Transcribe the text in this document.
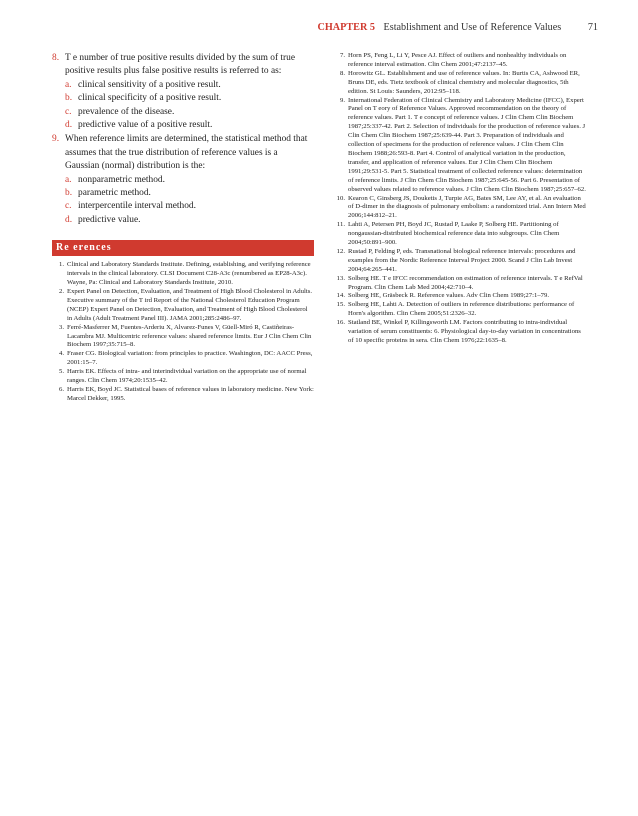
CHAPTER 5 Establishment and Use of Reference Values	71
8. T e number of true positive results divided by the sum of true positive results plus false positive results is referred to as:
a. clinical sensitivity of a positive result.
b. clinical specificity of a positive result.
c. prevalence of the disease.
d. predictive value of a positive result.
9. When reference limits are determined, the statistical method that assumes that the true distribution of reference values is a Gaussian (normal) distribution is the:
a. nonparametric method.
b. parametric method.
c. interpercentile interval method.
d. predictive value.
Re erences
1. Clinical and Laboratory Standards Institute. Defining, establishing, and verifying reference intervals in the clinical laboratory. CLSI Document C28-A3c (renumbered as EP28-A3c). Wayne, Pa: Clinical and Laboratory Standards Institute, 2010.
2. Expert Panel on Detection, Evaluation, and Treatment of High Blood Cholesterol in Adults. Executive summary of the T ird Report of the National Cholesterol Education Program (NCEP) Expert Panel on Detection, Evaluation, and Treatment of High Blood Cholesterol in Adults (Adult Treatment Panel III). JAMA 2001;285:2486–97.
3. Ferré-Masferrer M, Fuentes-Arderiu X, Alvarez-Funes V, Güell-Miró R, Castiñeiras-Lacambra MJ. Multicentric reference values: shared reference limits. Eur J Clin Chem Clin Biochem 1997;35:715–8.
4. Fraser CG. Biological variation: from principles to practice. Washington, DC: AACC Press, 2001:15–7.
5. Harris EK. Effects of intra- and interindividual variation on the appropriate use of normal ranges. Clin Chem 1974;20:1535–42.
6. Harris EK, Boyd JC. Statistical bases of reference values in laboratory medicine. New York: Marcel Dekker, 1995.
7. Horn PS, Feng L, Li Y, Pesce AJ. Effect of outliers and nonhealthy individuals on reference interval estimation. Clin Chem 2001;47:2137–45.
8. Horowitz GL. Establishment and use of reference values. In: Burtis CA, Ashwood ER, Bruns DE, eds. Tietz textbook of clinical chemistry and molecular diagnostics, 5th edition. St Louis: Saunders, 2012:95–118.
9. International Federation of Clinical Chemistry and Laboratory Medicine (IFCC), Expert Panel on T eory of Reference Values. Approved recommendation on the theory of reference values. Part 1. T e concept of reference values. J Clin Chem Clin Biochem 1987;25:337-42. Part 2. Selection of individuals for the production of reference values. J Clin Chem Clin Biochem 1987;25:639-44. Part 3. Preparation of individuals and collection of specimens for the production of reference values. J Clin Chem Clin Biochem 1988;26:593-8. Part 4. Control of analytical variation in the production, transfer, and application of reference values. Eur J Clin Chem Clin Biochem 1991;29:531-5. Part 5. Statistical treatment of collected reference values: determination of reference limits. J Clin Chem Clin Biochem 1987;25:645-56. Part 6. Presentation of observed values related to reference values. J Clin Chem Clin Biochem 1987;25:657–62.
10. Kearon C, Ginsberg JS, Douketis J, Turpie AG, Bates SM, Lee AY, et al. An evaluation of D-dimer in the diagnosis of pulmonary embolism: a randomized trial. Ann Intern Med 2006;144:812–21.
11. Lahti A, Petersen PH, Boyd JC, Rustad P, Laake P, Solberg HE. Partitioning of nongaussian-distributed biochemical reference data into subgroups. Clin Chem 2004;50:891–900.
12. Rustad P, Felding P, eds. Transnational biological reference intervals: procedures and examples from the Nordic Reference Interval Project 2000. Scand J Clin Lab Invest 2004;64:265–441.
13. Solberg HE. T e IFCC recommendation on estimation of reference intervals. T e RefVal Program. Clin Chem Lab Med 2004;42:710–4.
14. Solberg HE, Gräsbeck R. Reference values. Adv Clin Chem 1989;27:1–79.
15. Solberg HE, Lahti A. Detection of outliers in reference distributions: performance of Horn's algorithm. Clin Chem 2005;51:2326–32.
16. Statland BE, Winkel P, Killingsworth LM. Factors contributing to intra-individual variation of serum constituents: 6. Physiological day-to-day variation in concentrations of 10 specific proteins in sera. Clin Chem 1976;22:1635–8.
